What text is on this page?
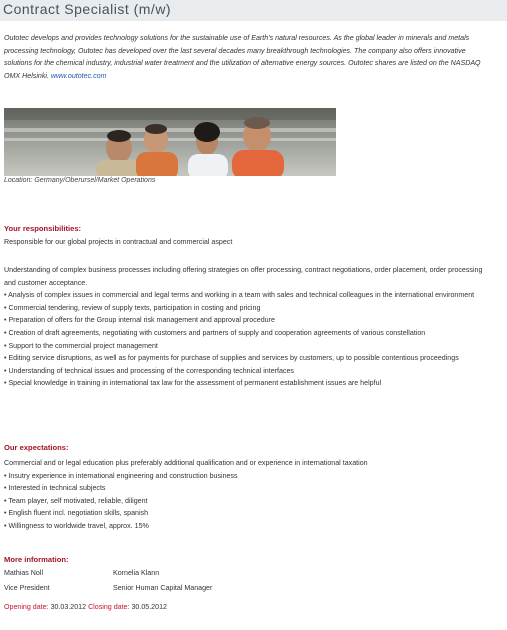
Contract Specialist (m/w)
Outotec develops and provides technology solutions for the sustainable use of Earth's natural resources. As the global leader in minerals and metals processing technology, Outotec has developed over the last several decades many breakthrough technologies. The company also offers innovative solutions for the chemical industry, industrial water treatment and the utilization of alternative energy sources. Outotec shares are listed on the NASDAQ OMX Helsinki. www.outotec.com
Location: Germany/Oberursel/Market Operations
Your responsibilities:
Responsible for our global projects in contractual and commercial aspect
Understanding of complex business processes including offering strategies on offer processing, contract negotiations, order placement, order processing and customer acceptance.
• Analysis of complex issues in commercial and legal terms and working in a team with sales and technical colleagues in the international environment
• Commercial tendering, review of supply texts, participation in costing and pricing
• Preparation of offers for the Group internal risk management and approval procedure
• Creation of draft agreements, negotiating with customers and partners of supply and cooperation agreements of various constellation
• Support to the commercial project management
• Editing service disruptions, as well as for payments for purchase of supplies and services by customers, up to possible contentious proceedings
• Understanding of technical issues and processing of the corresponding technical interfaces
• Special knowledge in training in international tax law for the assessment of permanent establishment issues are helpful
Our expectations:
Commercial and or legal education plus preferably additional qualification and or experience in international taxation
• Insutry experience in international engineering and construction business
• Interested in technical subjects
• Team player, self motivated, reliable, diligent
• English fluent incl. negotiation skills, spanish
• Willingness to worldwide travel, approx. 15%
More information:
Mathias Noll
Vice President
Kornelia Klann
Senior Human Capital Manager
Opening date: 30.03.2012 Closing date: 30.05.2012
